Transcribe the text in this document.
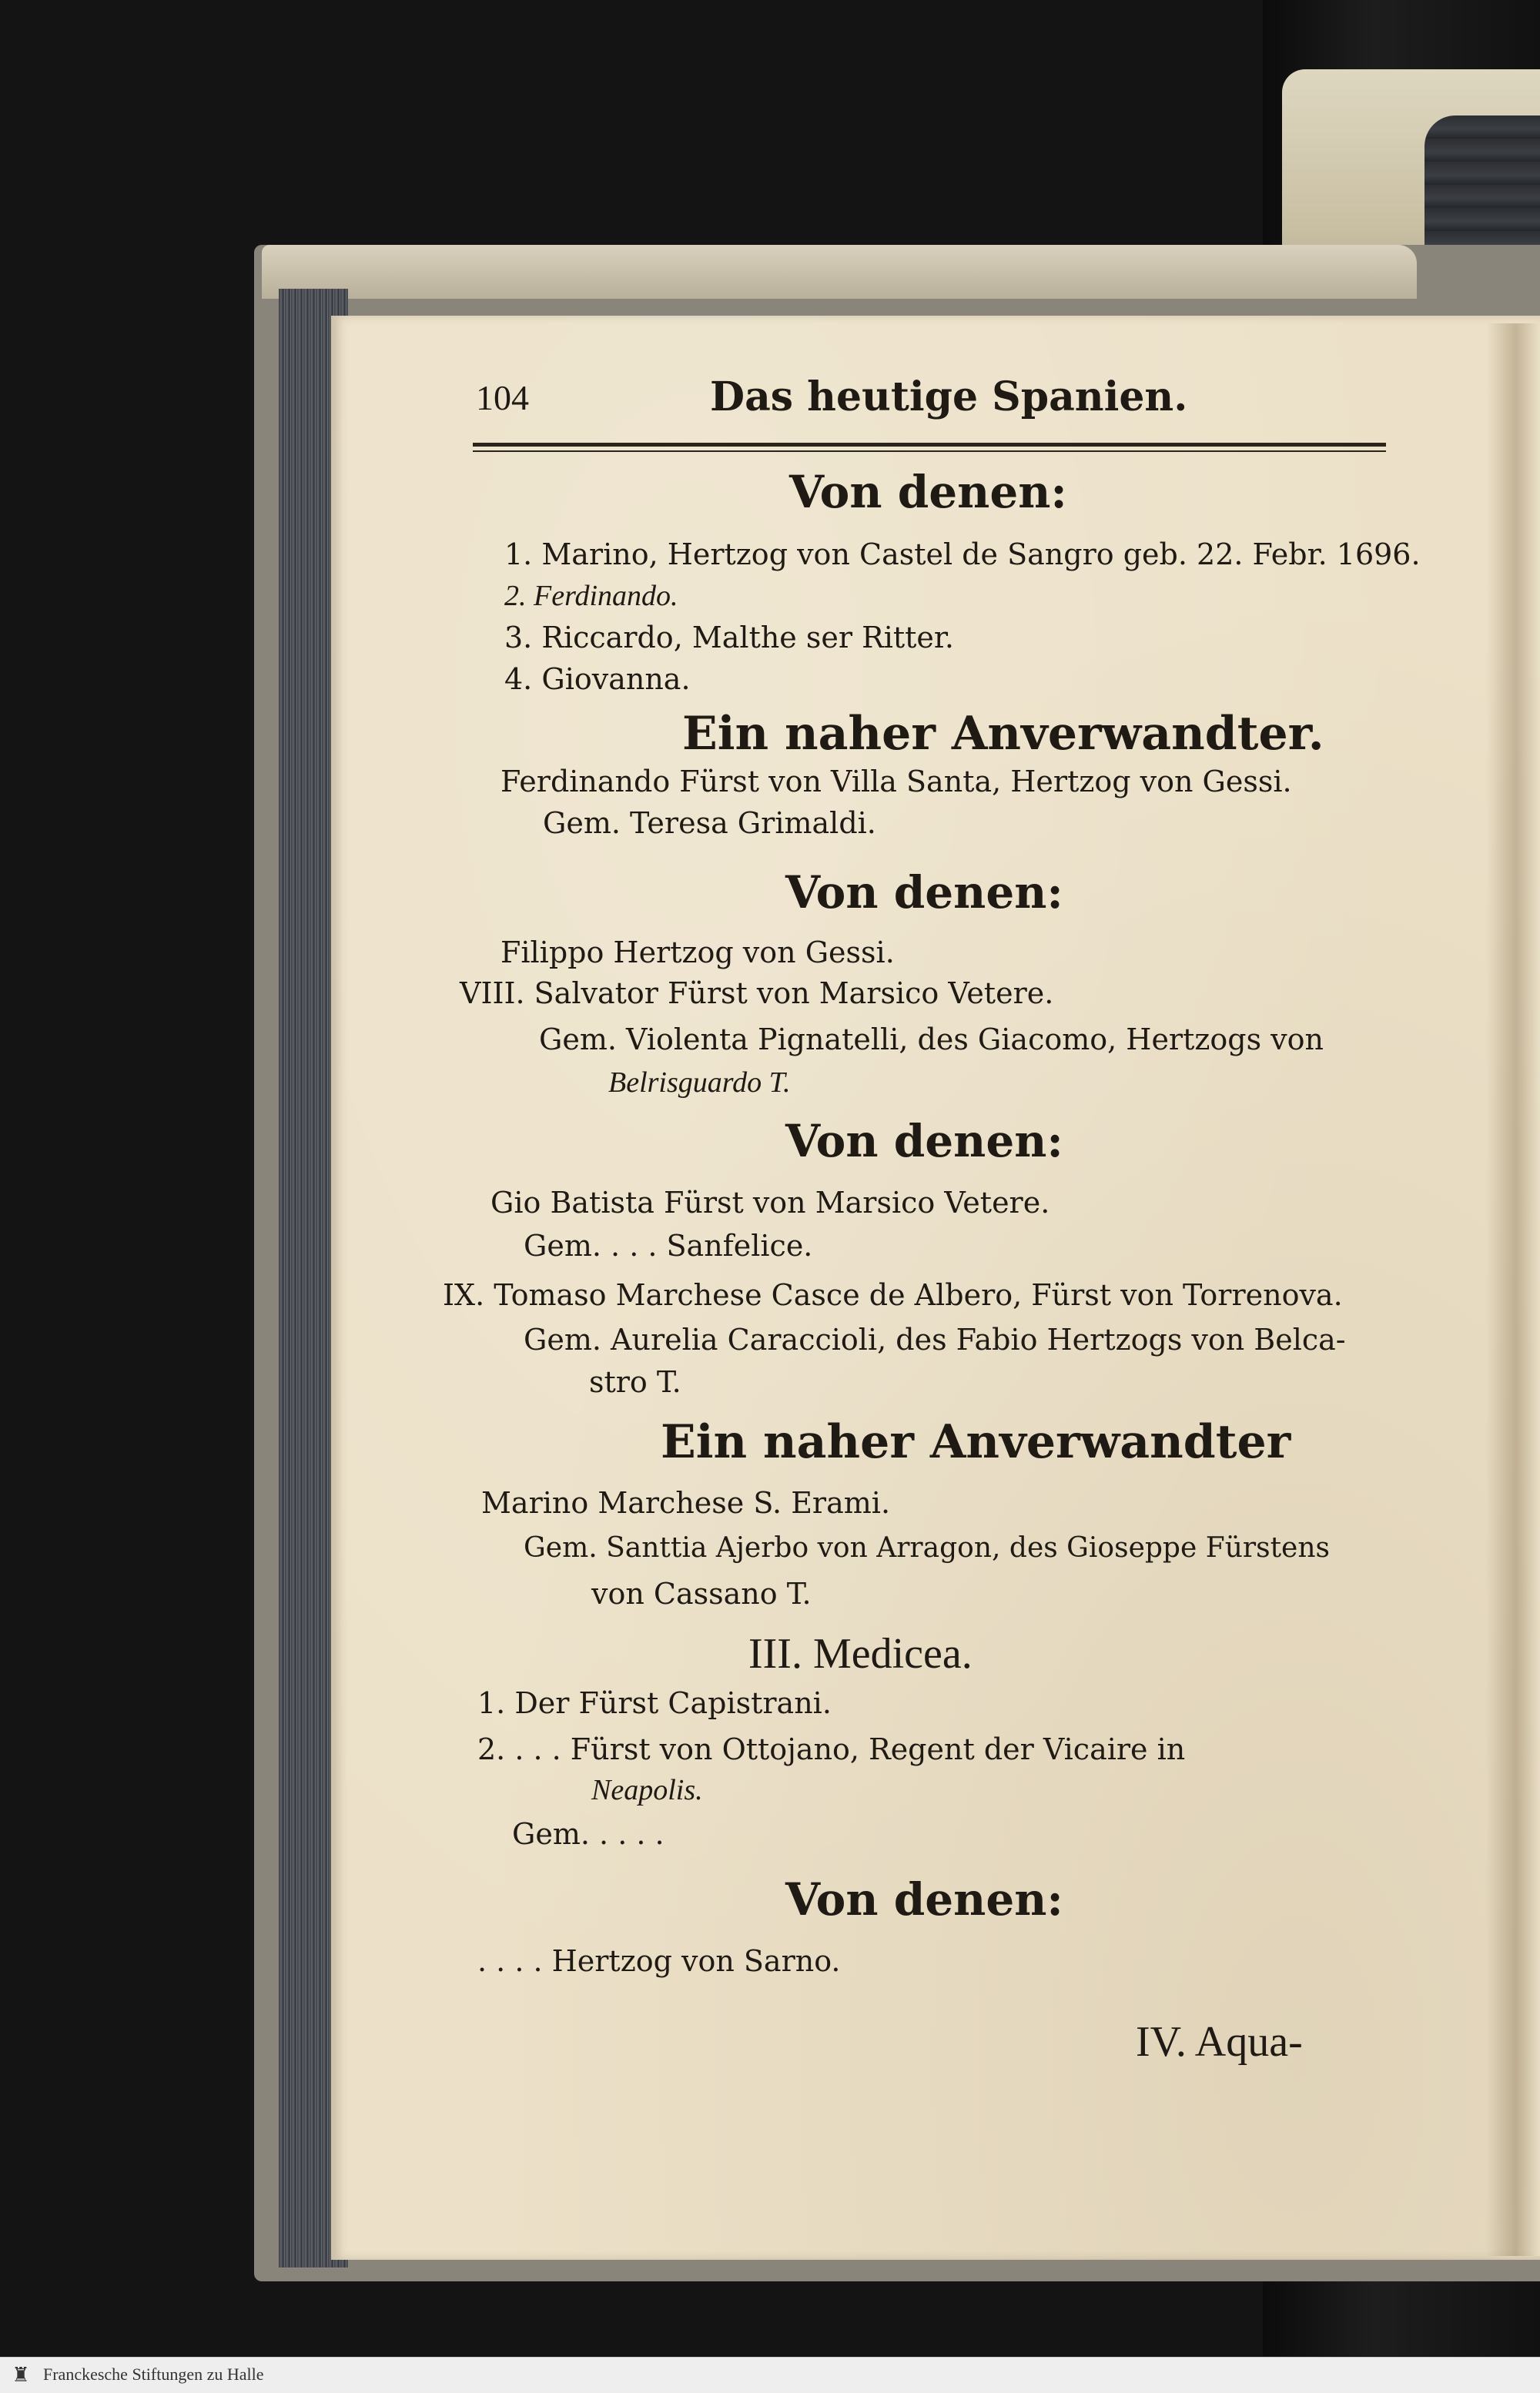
104	Das heutige Spanien.
Von denen:
1. Marino, Hertzog von Castel de Sangro geb. 22. Febr. 1696.
2. Ferdinando.
3. Riccardo, Malthe ser Ritter.
4. Giovanna.
Ein naher Anverwandter.
Ferdinando Fürst von Villa Santa, Hertzog von Gessi.
Gem. Teresa Grimaldi.
Von denen:
Filippo Hertzog von Gessi.
VIII. Salvator Fürst von Marsico Vetere.
Gem. Violenta Pignatelli, des Giacomo, Hertzogs von
Belrisguardo T.
Von denen:
Gio Batista Fürst von Marsico Vetere.
Gem. . . . Sanfelice.
IX. Tomaso Marchese Casce de Albero, Fürst von Torrenova.
Gem. Aurelia Caraccioli, des Fabio Hertzogs von Belca-
stro T.
Ein naher Anverwandter
Marino Marchese S. Erami.
Gem. Santtia Ajerbo von Arragon, des Gioseppe Fürstens
von Cassano T.
III. Medicea.
1. Der Fürst Capistrani.
2. . . . Fürst von Ottojano, Regent der Vicaire in
Neapolis.
Gem. . . . .
Von denen:
. . . . Hertzog von Sarno.
IV. Aqua-
♜ Franckesche Stiftungen zu Halle
